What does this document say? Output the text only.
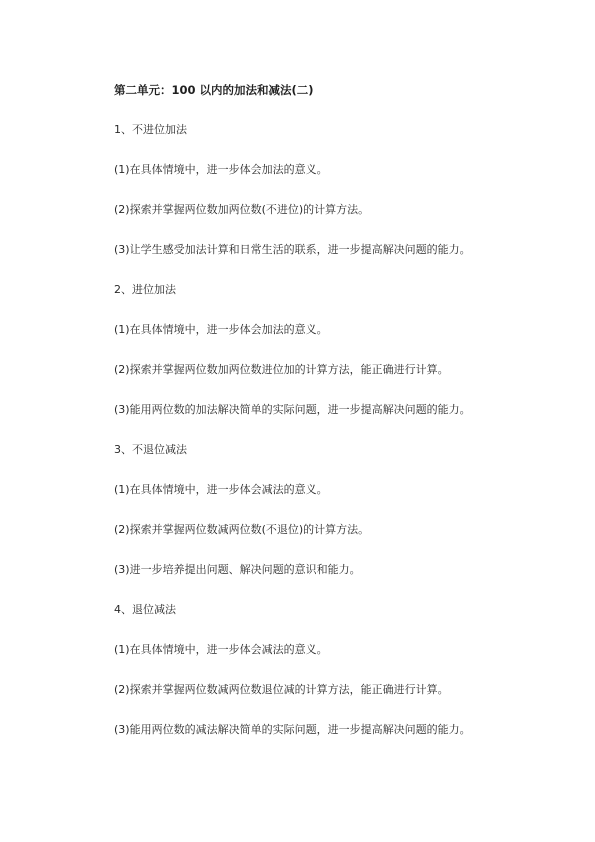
第二单元：100 以内的加法和减法(二)
1、不进位加法
(1)在具体情境中，进一步体会加法的意义。
(2)探索并掌握两位数加两位数(不进位)的计算方法。
(3)让学生感受加法计算和日常生活的联系，进一步提高解决问题的能力。
2、进位加法
(1)在具体情境中，进一步体会加法的意义。
(2)探索并掌握两位数加两位数进位加的计算方法，能正确进行计算。
(3)能用两位数的加法解决简单的实际问题，进一步提高解决问题的能力。
3、不退位减法
(1)在具体情境中，进一步体会减法的意义。
(2)探索并掌握两位数减两位数(不退位)的计算方法。
(3)进一步培养提出问题、解决问题的意识和能力。
4、退位减法
(1)在具体情境中，进一步体会减法的意义。
(2)探索并掌握两位数减两位数退位减的计算方法，能正确进行计算。
(3)能用两位数的减法解决简单的实际问题，进一步提高解决问题的能力。
